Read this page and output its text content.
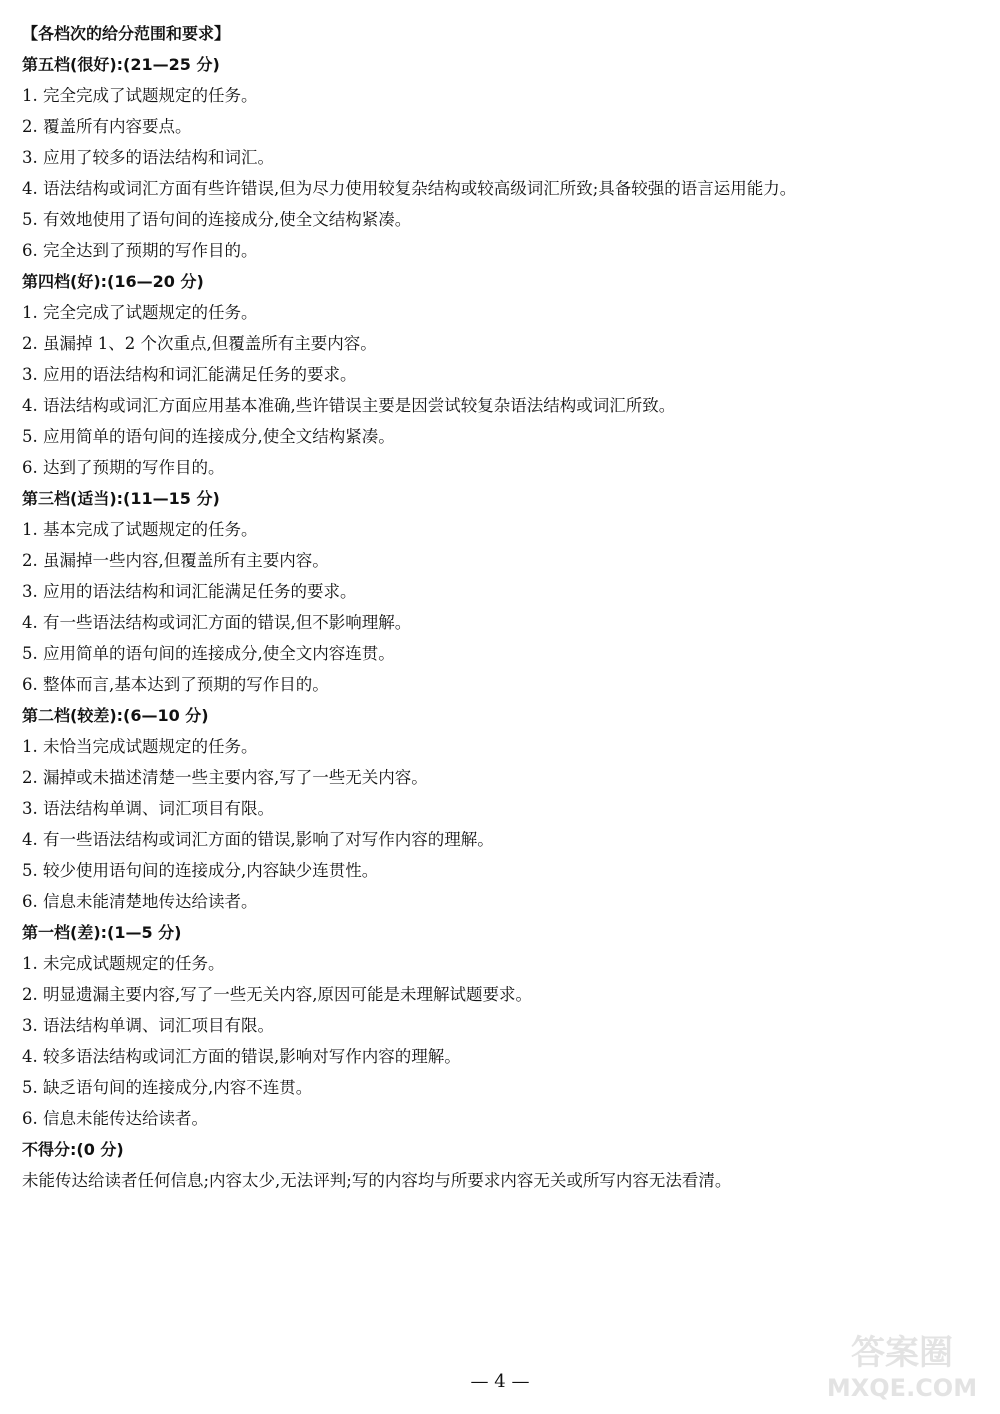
【各档次的给分范围和要求】
第五档(很好):(21—25 分)
1. 完全完成了试题规定的任务。
2. 覆盖所有内容要点。
3. 应用了较多的语法结构和词汇。
4. 语法结构或词汇方面有些许错误,但为尽力使用较复杂结构或较高级词汇所致;具备较强的语言运用能力。
5. 有效地使用了语句间的连接成分,使全文结构紧凑。
6. 完全达到了预期的写作目的。
第四档(好):(16—20 分)
1. 完全完成了试题规定的任务。
2. 虽漏掉 1、2 个次重点,但覆盖所有主要内容。
3. 应用的语法结构和词汇能满足任务的要求。
4. 语法结构或词汇方面应用基本准确,些许错误主要是因尝试较复杂语法结构或词汇所致。
5. 应用简单的语句间的连接成分,使全文结构紧凑。
6. 达到了预期的写作目的。
第三档(适当):(11—15 分)
1. 基本完成了试题规定的任务。
2. 虽漏掉一些内容,但覆盖所有主要内容。
3. 应用的语法结构和词汇能满足任务的要求。
4. 有一些语法结构或词汇方面的错误,但不影响理解。
5. 应用简单的语句间的连接成分,使全文内容连贯。
6. 整体而言,基本达到了预期的写作目的。
第二档(较差):(6—10 分)
1. 未恰当完成试题规定的任务。
2. 漏掉或未描述清楚一些主要内容,写了一些无关内容。
3. 语法结构单调、词汇项目有限。
4. 有一些语法结构或词汇方面的错误,影响了对写作内容的理解。
5. 较少使用语句间的连接成分,内容缺少连贯性。
6. 信息未能清楚地传达给读者。
第一档(差):(1—5 分)
1. 未完成试题规定的任务。
2. 明显遗漏主要内容,写了一些无关内容,原因可能是未理解试题要求。
3. 语法结构单调、词汇项目有限。
4. 较多语法结构或词汇方面的错误,影响对写作内容的理解。
5. 缺乏语句间的连接成分,内容不连贯。
6. 信息未能传达给读者。
不得分:(0 分)
未能传达给读者任何信息;内容太少,无法评判;写的内容均与所要求内容无关或所写内容无法看清。
— 4 —
答案圈
MXQE.COM
